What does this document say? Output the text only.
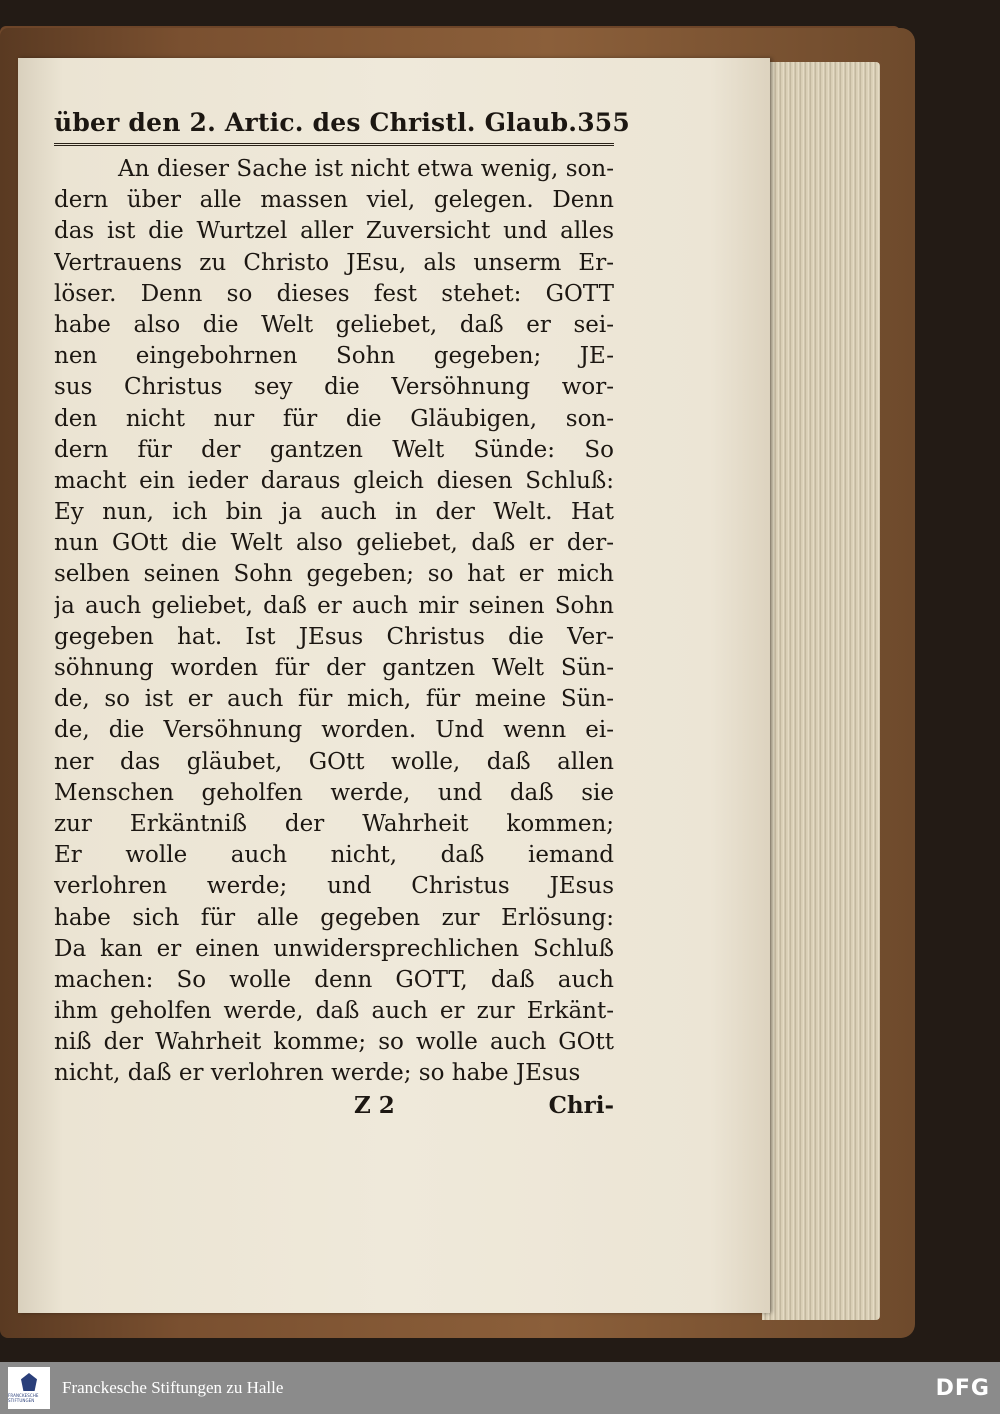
über den 2. Artic. des Christl. Glaub. 355
An dieser Sache ist nicht etwa wenig, son-
dern über alle massen viel, gelegen. Denn
das ist die Wurtzel aller Zuversicht und alles
Vertrauens zu Christo JEsu, als unserm Er-
löser. Denn so dieses fest stehet: GOTT
habe also die Welt geliebet, daß er sei-
nen eingebohrnen Sohn gegeben; JE-
sus Christus sey die Versöhnung wor-
den nicht nur für die Gläubigen, son-
dern für der gantzen Welt Sünde: So
macht ein ieder daraus gleich diesen Schluß:
Ey nun, ich bin ja auch in der Welt. Hat
nun GOtt die Welt also geliebet, daß er der-
selben seinen Sohn gegeben; so hat er mich
ja auch geliebet, daß er auch mir seinen Sohn
gegeben hat. Ist JEsus Christus die Ver-
söhnung worden für der gantzen Welt Sün-
de, so ist er auch für mich, für meine Sün-
de, die Versöhnung worden. Und wenn ei-
ner das gläubet, GOtt wolle, daß allen
Menschen geholfen werde, und daß sie
zur Erkäntniß der Wahrheit kommen;
Er wolle auch nicht, daß iemand
verlohren werde; und Christus JEsus
habe sich für alle gegeben zur Erlösung:
Da kan er einen unwidersprechlichen Schluß
machen: So wolle denn GOTT, daß auch
ihm geholfen werde, daß auch er zur Erkänt-
niß der Wahrheit komme; so wolle auch GOtt
nicht, daß er verlohren werde; so habe JEsus
Z 2	Chri-
FRANCKESCHE STIFTUNGEN
Franckesche Stiftungen zu Halle	DFG
